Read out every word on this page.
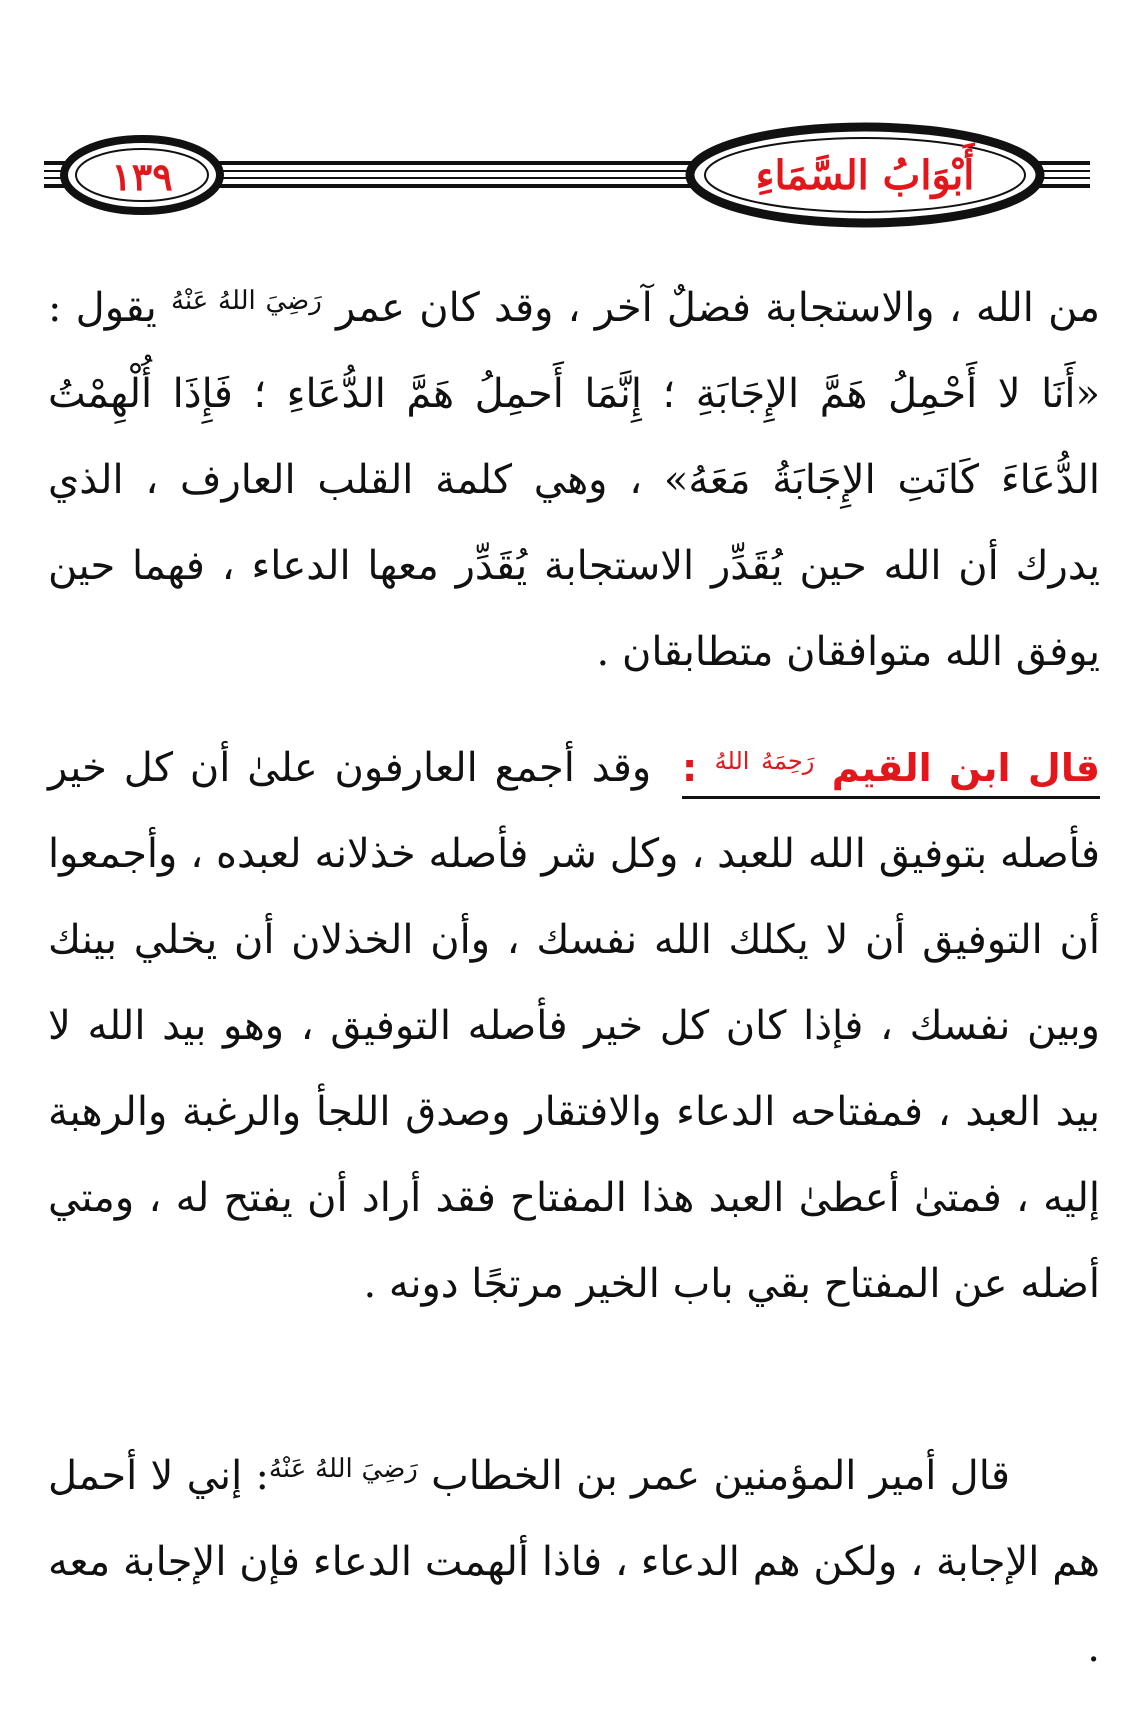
أَبْوَابُ السَّمَاءِ
١٣٩

من الله ، والاستجابة فضلٌ آخر ، وقد كان عمر $^{رَضِيَ اللهُ عَنْهُ}$ يقول : «أَنَا لا أَحْمِلُ هَمَّ الإِجَابَةِ ؛ إِنَّمَا أَحمِلُ هَمَّ الدُّعَاءِ ؛ فَإِذَا أُلْهِمْتُ الدُّعَاءَ كَانَتِ الإِجَابَةُ مَعَهُ» ، وهي كلمة القلب العارف ، الذي يدرك أن الله حين يُقَدِّر الاستجابة يُقَدِّر معها الدعاء ، فهما حين يوفق الله متوافقان متطابقان .

قال ابن القيم $^{رَحِمَهُ اللهُ}$ : وقد أجمع العارفون علىٰ أن كل خير فأصله بتوفيق الله للعبد ، وكل شر فأصله خذلانه لعبده ، وأجمعوا أن التوفيق أن لا يكلك الله نفسك ، وأن الخذلان أن يخلي بينك وبين نفسك ، فإذا كان كل خير فأصله التوفيق ، وهو بيد الله لا بيد العبد ، فمفتاحه الدعاء والافتقار وصدق اللجأ والرغبة والرهبة إليه ، فمتىٰ أعطىٰ العبد هذا المفتاح فقد أراد أن يفتح له ، ومتي أضله عن المفتاح بقي باب الخير مرتجًا دونه .

قال أمير المؤمنين عمر بن الخطاب $^{رَضِيَ اللهُ عَنْهُ}$: إني لا أحمل هم الإجابة ، ولكن هم الدعاء ، فاذا ألهمت الدعاء فإن الإجابة معه .
